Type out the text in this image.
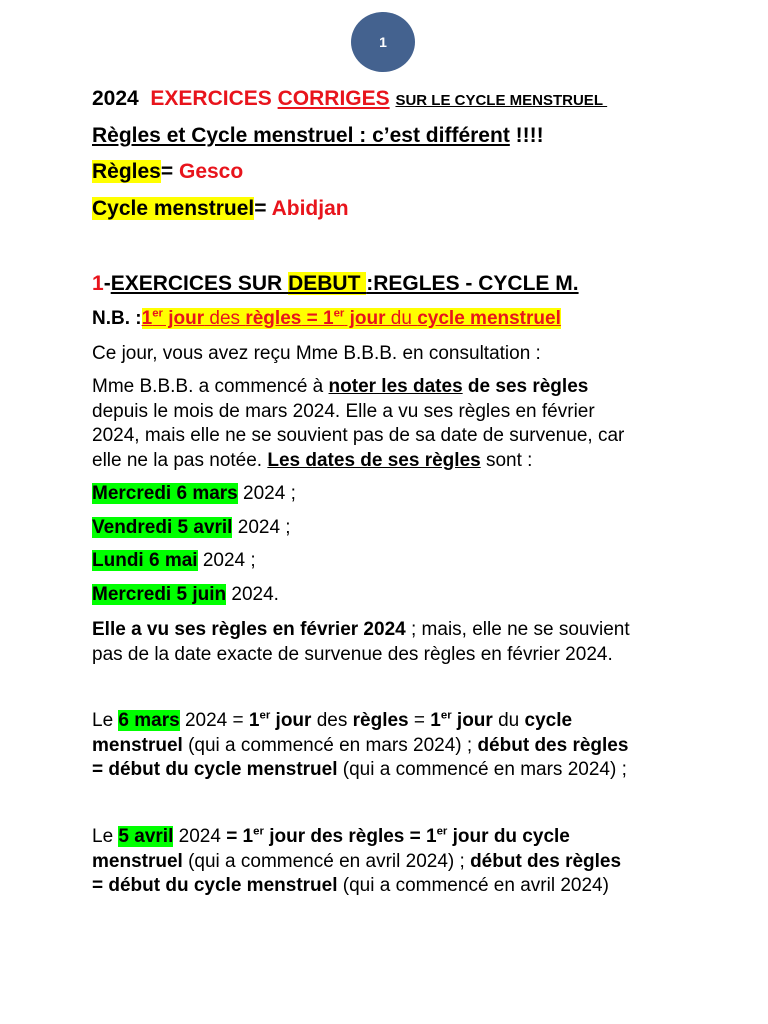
1
2024 EXERCICES CORRIGES SUR LE CYCLE MENSTRUEL
Règles et Cycle menstruel : c’est différent !!!!
Règles= Gesco
Cycle menstruel= Abidjan
1-EXERCICES SUR DEBUT :REGLES - CYCLE M.
N.B. :1er jour des règles = 1er jour du cycle menstruel
Ce jour, vous avez reçu Mme B.B.B. en consultation :
Mme B.B.B. a commencé à noter les dates de ses règles
depuis le mois de mars 2024. Elle a vu ses règles en février
2024, mais elle ne se souvient pas de sa date de survenue, car
elle ne la pas notée. Les dates de ses règles sont :
Mercredi 6 mars 2024 ;
Vendredi 5 avril 2024 ;
Lundi 6 mai 2024 ;
Mercredi 5 juin 2024.
Elle a vu ses règles en février 2024 ; mais, elle ne se souvient
pas de la date exacte de survenue des règles en février 2024.
Le 6 mars 2024 = 1er jour des règles = 1er jour du cycle
menstruel (qui a commencé en mars 2024) ; début des règles
= début du cycle menstruel (qui a commencé en mars 2024) ;
Le 5 avril 2024 = 1er jour des règles = 1er jour du cycle
menstruel (qui a commencé en avril 2024) ; début des règles
= début du cycle menstruel (qui a commencé en avril 2024)
